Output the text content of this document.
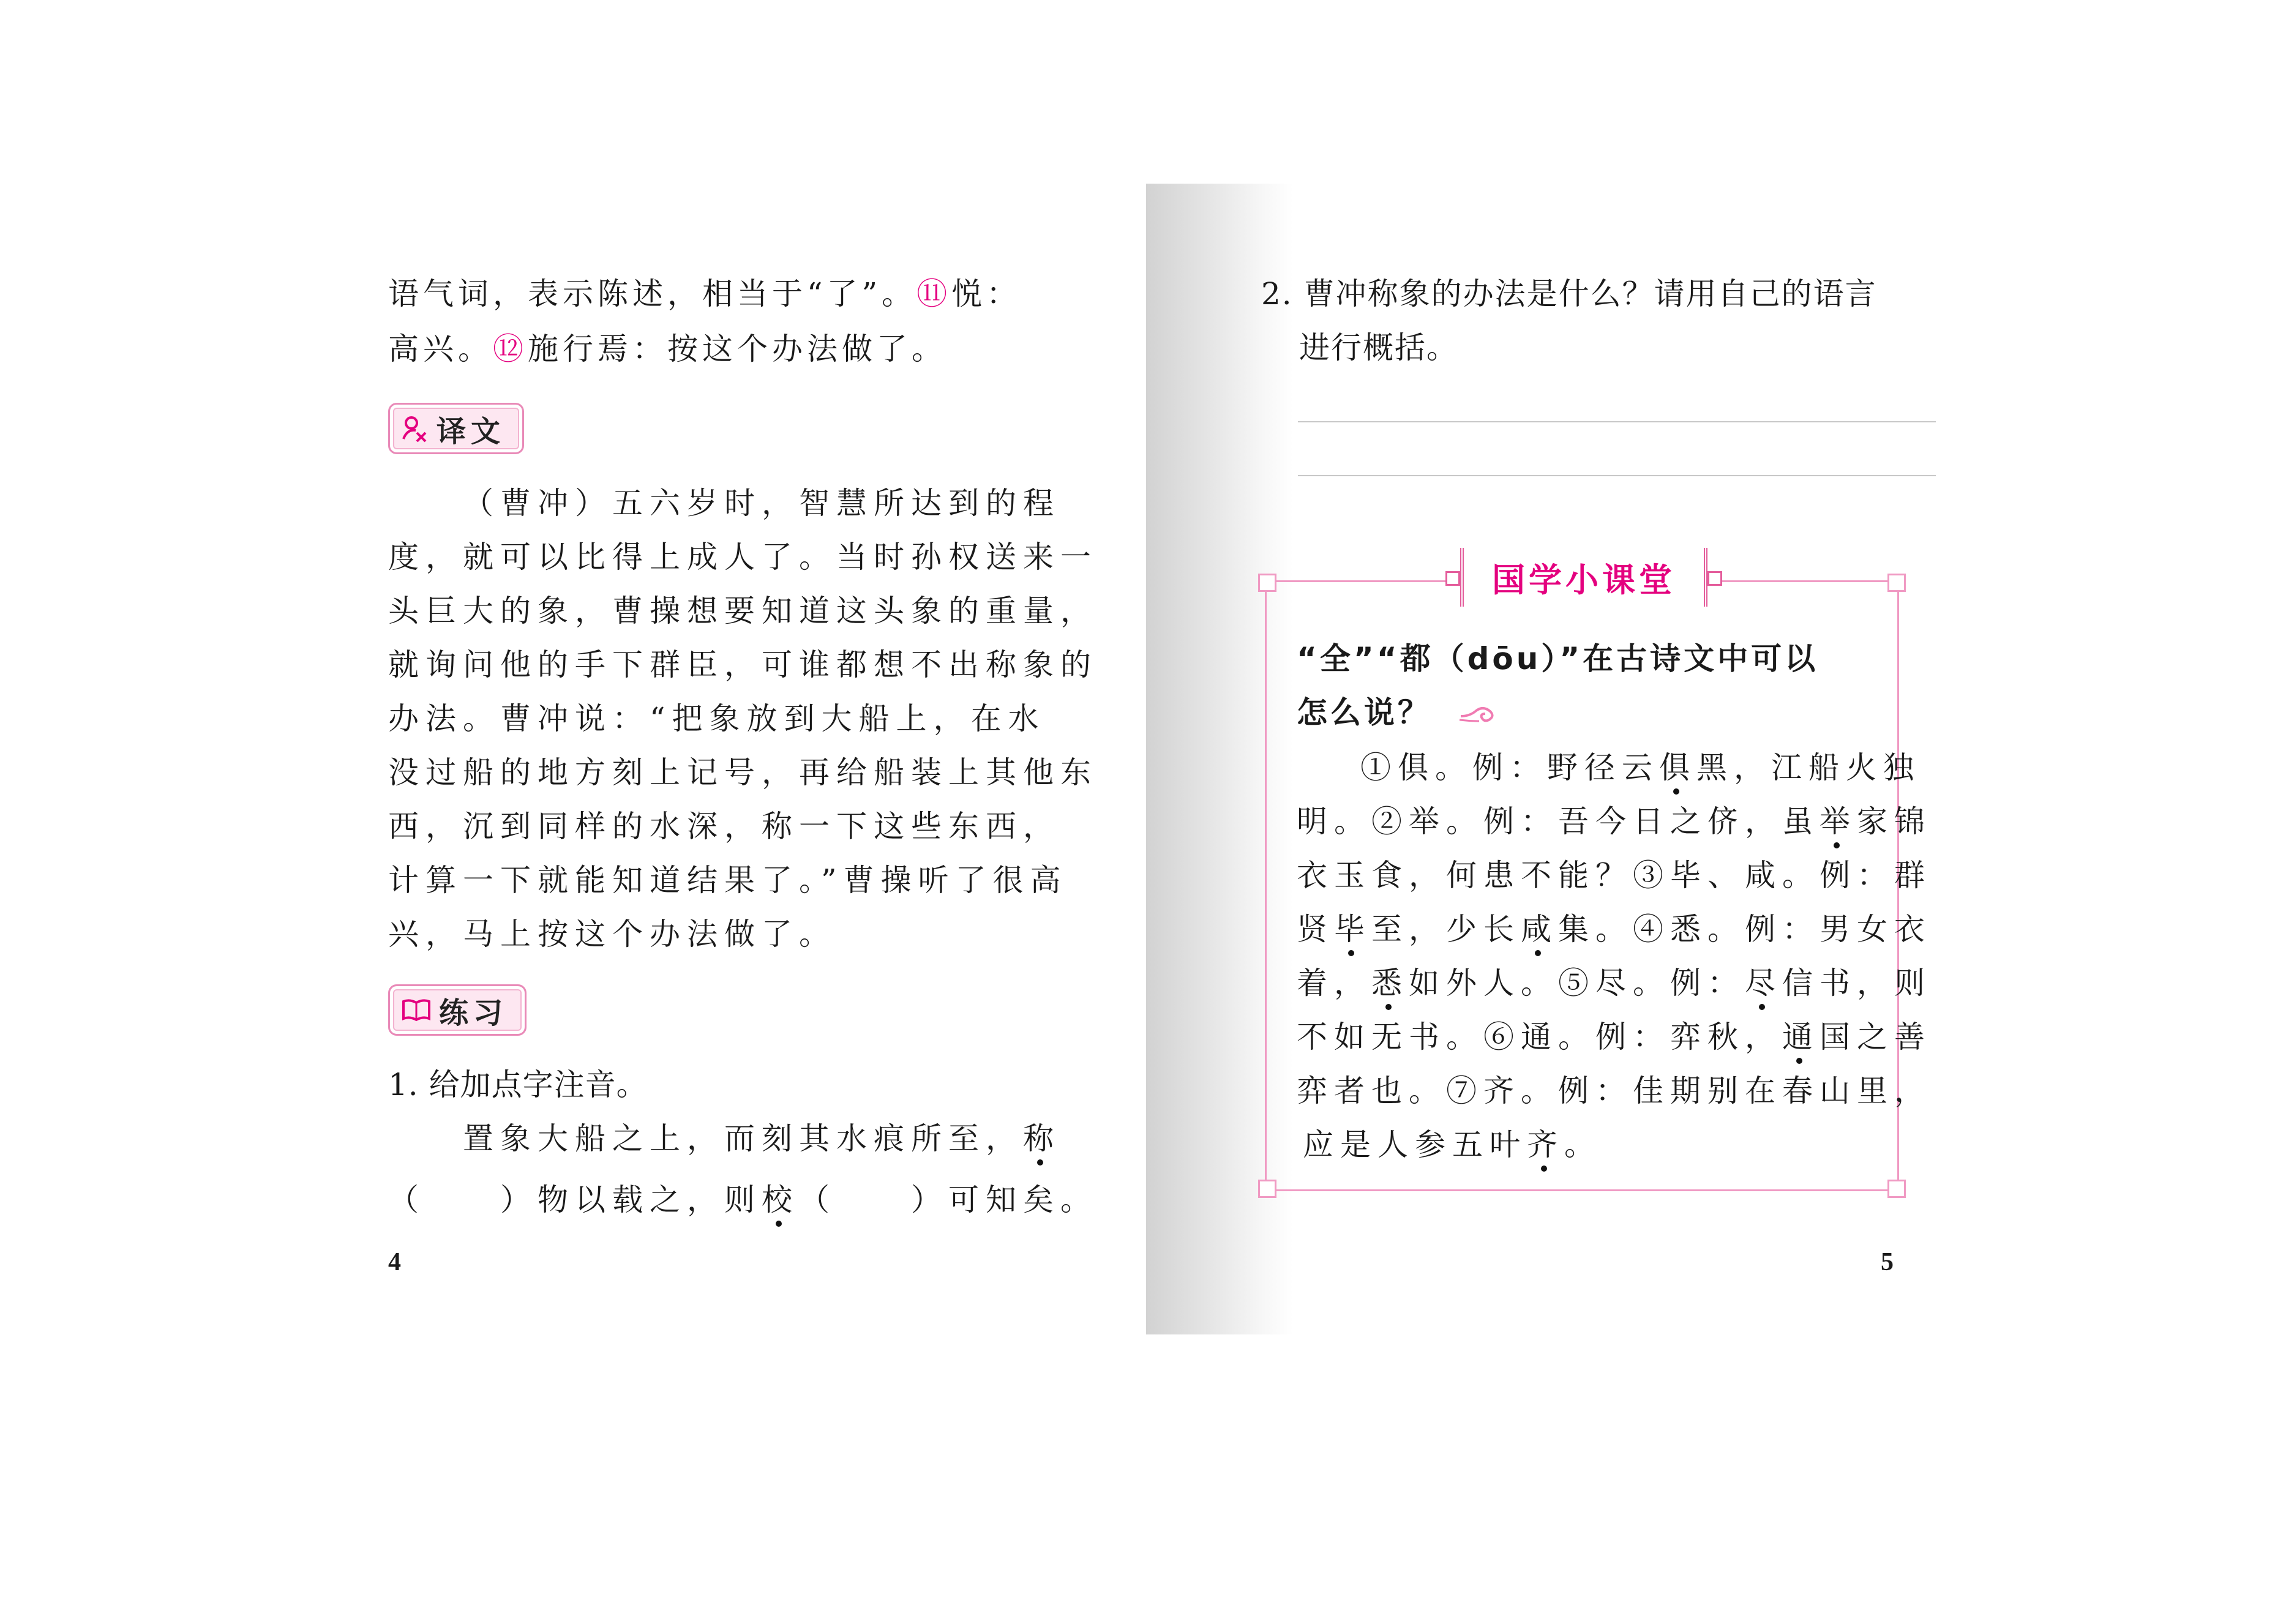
语气词，表示陈述，相当于“了”。⑪悦：
高兴。⑫施行焉：按这个办法做了。
译文
（曹冲）五六岁时，智慧所达到的程
度，就可以比得上成人了。当时孙权送来一
头巨大的象，曹操想要知道这头象的重量，
就询问他的手下群臣，可谁都想不出称象的
办法。曹冲说：“把象放到大船上，在水
没过船的地方刻上记号，再给船装上其他东
西，沉到同样的水深，称一下这些东西，
计算一下就能知道结果了。”曹操听了很高
兴，马上按这个办法做了。
练习
1. 给加点字注音。
置象大船之上，而刻其水痕所至，称
（　　）物以载之，则校（　　）可知矣。
4
2. 曹冲称象的办法是什么？请用自己的语言
进行概括。
国学小课堂
“全”“都（dōu）”在古诗文中可以
怎么说？
①俱。例：野径云俱黑，江船火独
明。②举。例：吾今日之侪，虽举家锦
衣玉食，何患不能？③毕、咸。例：群
贤毕至，少长咸集。④悉。例：男女衣
着，悉如外人。⑤尽。例：尽信书，则
不如无书。⑥通。例：弈秋，通国之善
弈者也。⑦齐。例：佳期别在春山里，
应是人参五叶齐。
5
